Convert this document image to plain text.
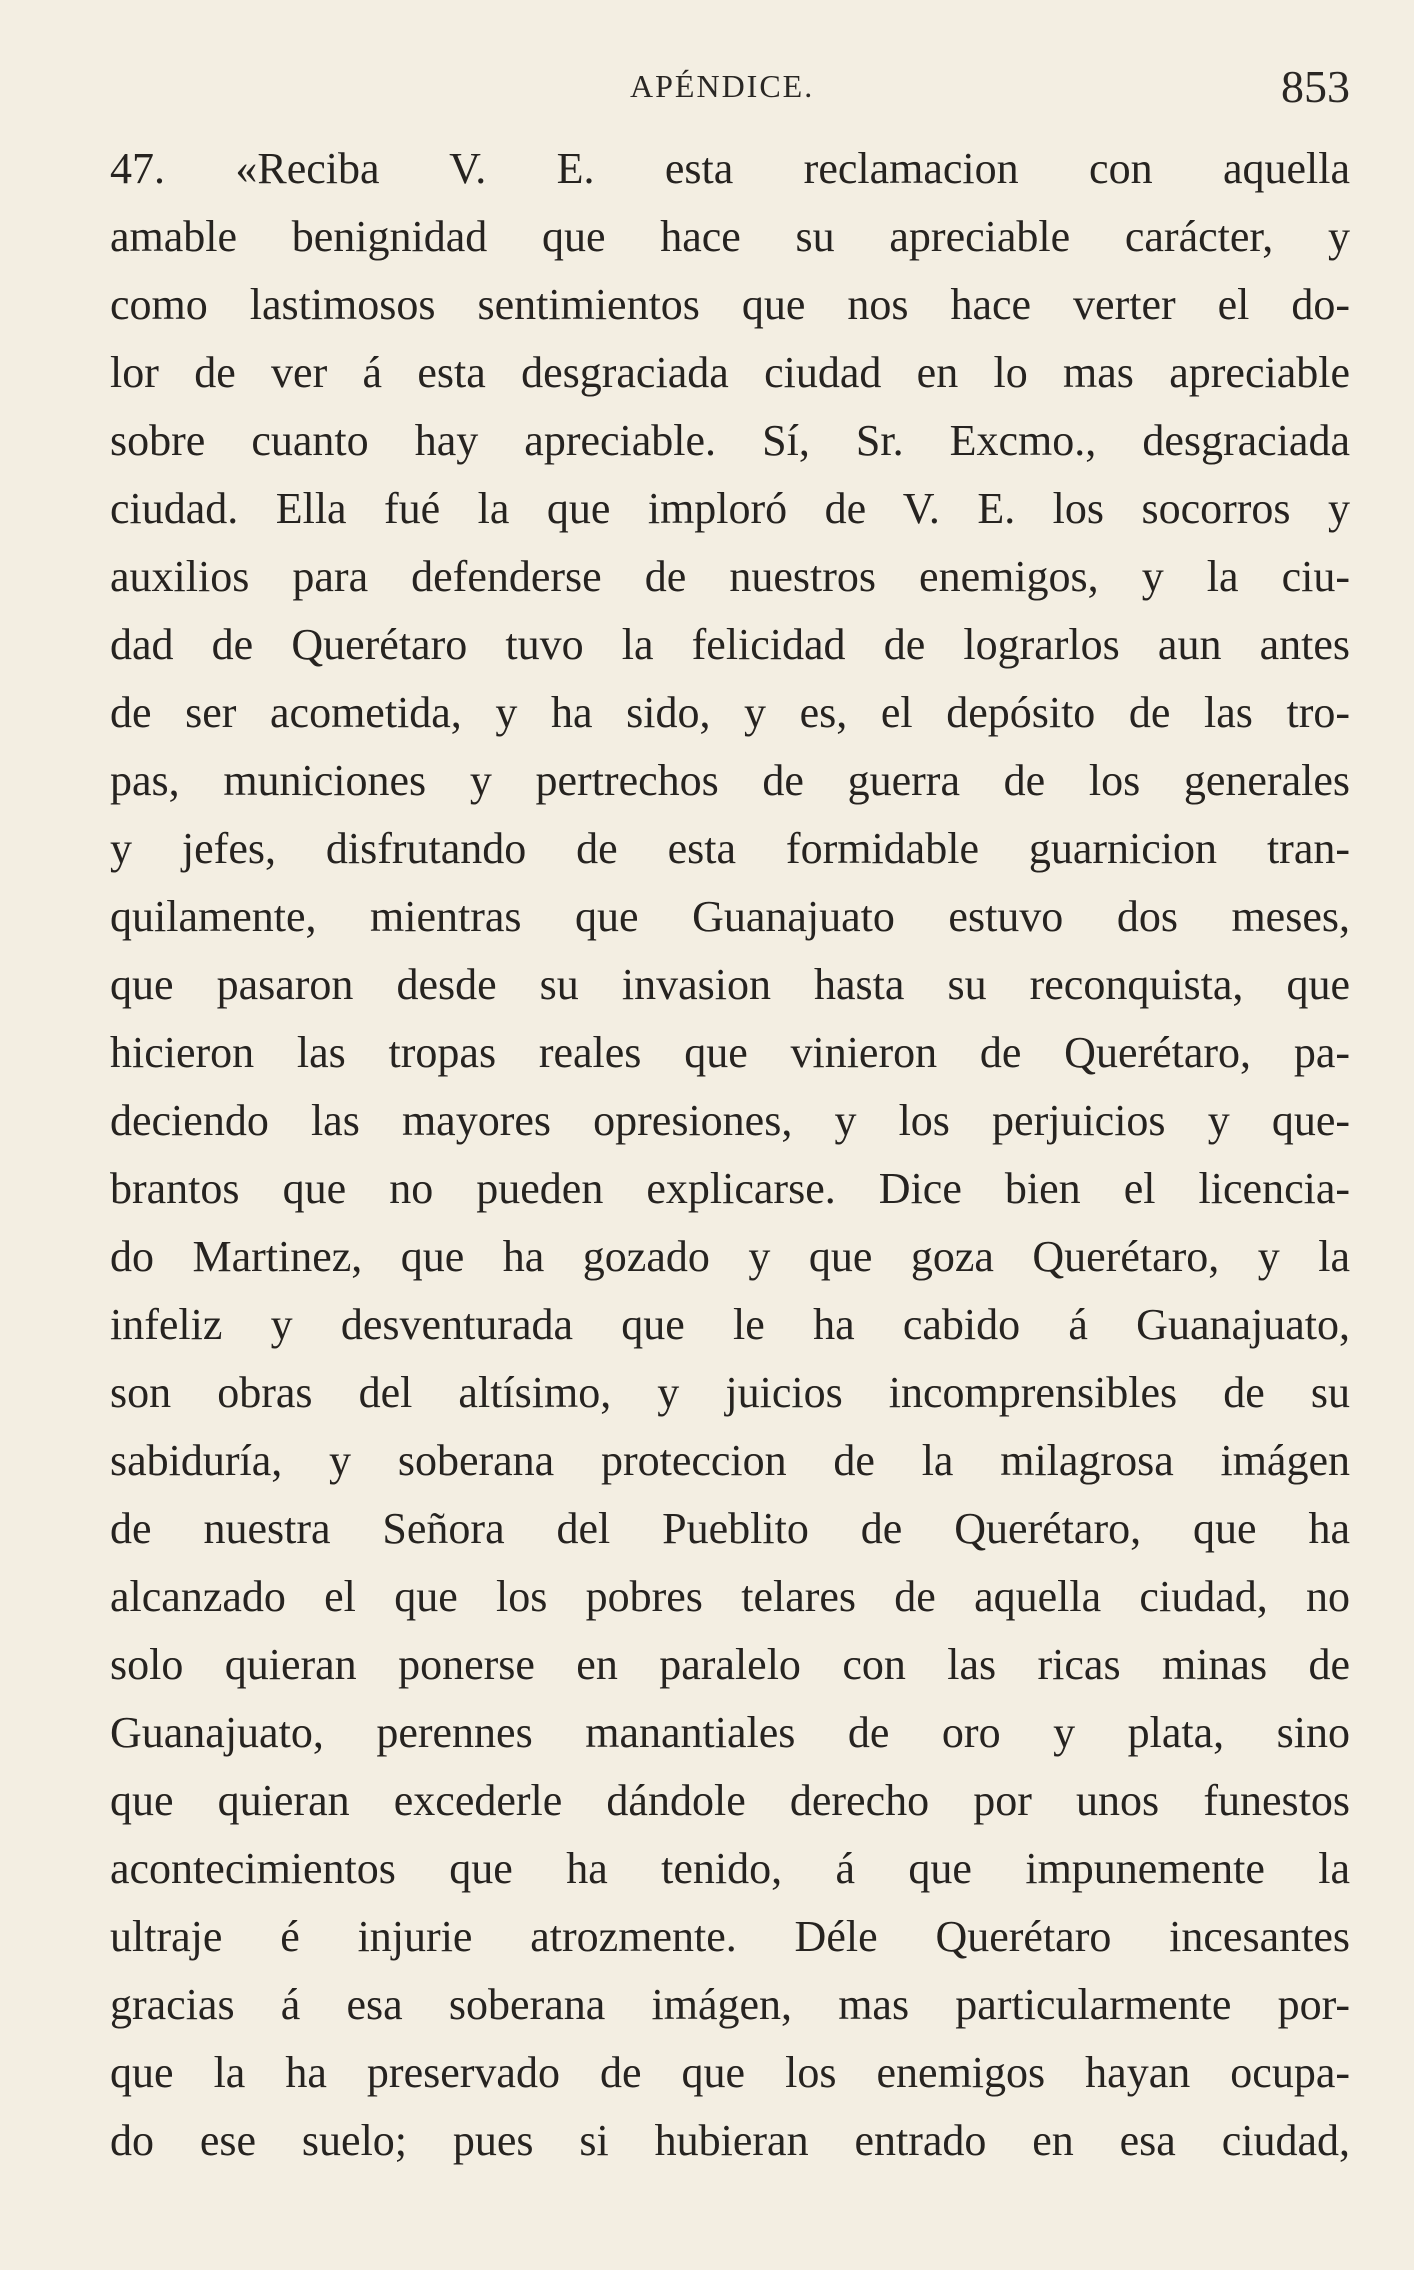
APÉNDICE.	853
47. «Reciba V. E. esta reclamacion con aquella
amable benignidad que hace su apreciable carácter, y
como lastimosos sentimientos que nos hace verter el do-
lor de ver á esta desgraciada ciudad en lo mas apreciable
sobre cuanto hay apreciable. Sí, Sr. Excmo., desgraciada
ciudad. Ella fué la que imploró de V. E. los socorros y
auxilios para defenderse de nuestros enemigos, y la ciu-
dad de Querétaro tuvo la felicidad de lograrlos aun antes
de ser acometida, y ha sido, y es, el depósito de las tro-
pas, municiones y pertrechos de guerra de los generales
y jefes, disfrutando de esta formidable guarnicion tran-
quilamente, mientras que Guanajuato estuvo dos meses,
que pasaron desde su invasion hasta su reconquista, que
hicieron las tropas reales que vinieron de Querétaro, pa-
deciendo las mayores opresiones, y los perjuicios y que-
brantos que no pueden explicarse. Dice bien el licencia-
do Martinez, que ha gozado y que goza Querétaro, y la
infeliz y desventurada que le ha cabido á Guanajuato,
son obras del altísimo, y juicios incomprensibles de su
sabiduría, y soberana proteccion de la milagrosa imágen
de nuestra Señora del Pueblito de Querétaro, que ha
alcanzado el que los pobres telares de aquella ciudad, no
solo quieran ponerse en paralelo con las ricas minas de
Guanajuato, perennes manantiales de oro y plata, sino
que quieran excederle dándole derecho por unos funestos
acontecimientos que ha tenido, á que impunemente la
ultraje é injurie atrozmente. Déle Querétaro incesantes
gracias á esa soberana imágen, mas particularmente por-
que la ha preservado de que los enemigos hayan ocupa-
do ese suelo; pues si hubieran entrado en esa ciudad,
